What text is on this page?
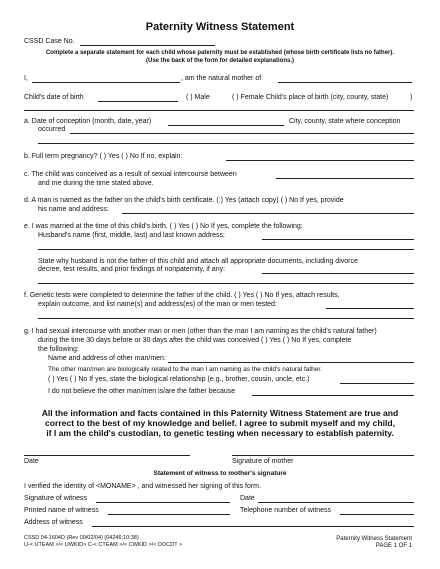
Paternity Witness Statement
CSSD Case No.
Complete a separate statement for each child whose paternity must be established (whose birth certificate lists no father).
(Use the back of the form for detailed explanations.)
I,	, am the natural mother of
Child's date of birth	( ) Male	( ) Female Child's place of birth (city, county, state)	)
a. Date of conception (month, date, year)	City, county, state where conception
occurred
b. Full term pregnancy? ( ) Yes ( ) No If no, explain:
c. The child was conceived as a result of sexual intercourse between
and me during the time stated above.
d. A man is named as the father on the child's birth certificate. ( ) Yes (attach copy) ( ) No If yes, provide
his name and address:
e. I was married at the time of this child's birth. ( ) Yes ( ) No If yes, complete the following:
Husband's name (first, middle, last) and last known address:
State why husband is not the father of this child and attach all appropriate documents, including divorce
decree, test results, and prior findings of nonpaternity, if any:
f. Genetic tests were completed to determine the father of the child. ( ) Yes ( ) No If yes, attach results,
explain outcome, and list name(s) and address(es) of the man or men tested:
g. I had sexual intercourse with another man or men (other than the man I am naming as the child's natural father)
during the time 30 days before or 30 days after the child was conceived ( ) Yes ( ) No If yes, complete
the following:
Name and address of other man/men:
The other man/men are biologically related to the man I am naming as the child's natural father.
( ) Yes ( ) No If yes, state the biological relationship (e.g., brother, cousin, uncle, etc.)
I do not believe the other man/men is/are the father because
All the information and facts contained in this Paternity Witness Statement are true and
correct to the best of my knowledge and belief. I agree to submit myself and my child,
if I am the child's custodian, to genetic testing when necessary to establish paternity.
Date	Signature of mother
Statement of witness to mother's signature
I verified the identity of <MONAME> , and witnessed her signing of this form.
Signature of witness	Date
Printed name of witness	Telephone number of witness
Address of witness
CSSD 04-1604D (Rev 09/02/04) (04246:10:38)
U-< UTEAM >/< UWKID> C-< CTEAM >/< CWKID >/< DOCDT >
Paternity Witness Statement
PAGE 1 OF 1
